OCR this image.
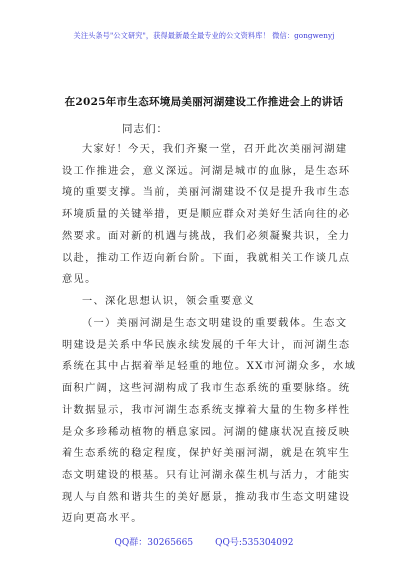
关注头条号"公文研究"，获得最新最全最专业的公文资料库！ 微信：gongwenyj
在2025年市生态环境局美丽河湖建设工作推进会上的讲话
同志们：
大家好！今天，我们齐聚一堂，召开此次美丽河湖建
设工作推进会，意义深远。河湖是城市的血脉，是生态环
境的重要支撑。当前，美丽河湖建设不仅是提升我市生态
环境质量的关键举措，更是顺应群众对美好生活向往的必
然要求。面对新的机遇与挑战，我们必须凝聚共识，全力
以赴，推动工作迈向新台阶。下面，我就相关工作谈几点
意见。
一、深化思想认识，领会重要意义
（一）美丽河湖是生态文明建设的重要载体。生态文
明建设是关系中华民族永续发展的千年大计，而河湖生态
系统在其中占据着举足轻重的地位。XX市河湖众多，水域
面积广阔，这些河湖构成了我市生态系统的重要脉络。统
计数据显示，我市河湖生态系统支撑着大量的生物多样性
是众多珍稀动植物的栖息家园。河湖的健康状况直接反映
着生态系统的稳定程度，保护好美丽河湖，就是在筑牢生
态文明建设的根基。只有让河湖永葆生机与活力，才能实
现人与自然和谐共生的美好愿景，推动我市生态文明建设
迈向更高水平。
QQ群：30265665 QQ号:535304092
